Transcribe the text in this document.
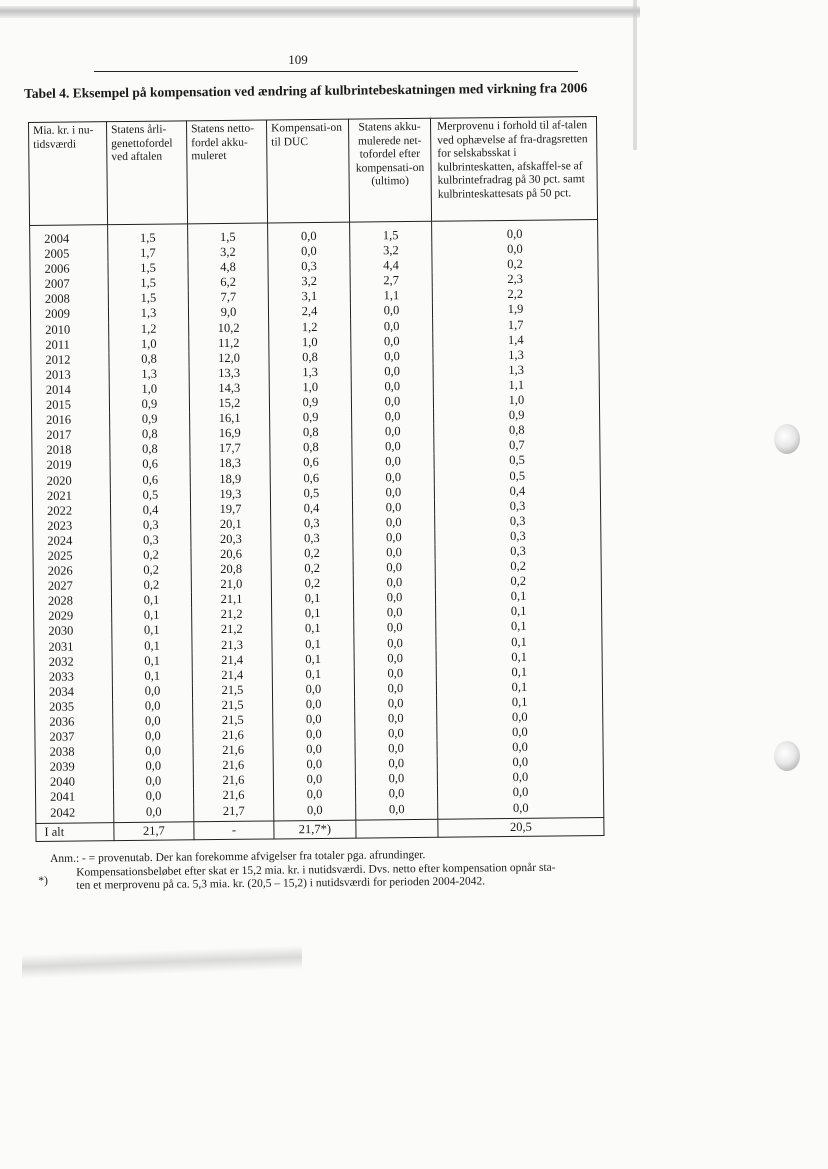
109
Tabel 4. Eksempel på kompensation ved ændring af kulbrintebeskatningen med virkning fra 2006
Mia. kr. i nu-tidsværdi	Statens årli-genettofordel ved aftalen	Statens netto-fordel akku-muleret	Kompensati-on til DUC	Statens akku-mulerede net-tofordel efter kompensati-on (ultimo)	Merprovenu i forhold til af-talen ved ophævelse af fra-dragsretten for selskabsskat i kulbrinteskatten, afskaffel-se af kulbrintefradrag på 30 pct. samt kulbrinteskattesats på 50 pct.
2004	1,5	1,5	0,0	1,5	0,0
2005	1,7	3,2	0,0	3,2	0,0
2006	1,5	4,8	0,3	4,4	0,2
2007	1,5	6,2	3,2	2,7	2,3
2008	1,5	7,7	3,1	1,1	2,2
2009	1,3	9,0	2,4	0,0	1,9
2010	1,2	10,2	1,2	0,0	1,7
2011	1,0	11,2	1,0	0,0	1,4
2012	0,8	12,0	0,8	0,0	1,3
2013	1,3	13,3	1,3	0,0	1,3
2014	1,0	14,3	1,0	0,0	1,1
2015	0,9	15,2	0,9	0,0	1,0
2016	0,9	16,1	0,9	0,0	0,9
2017	0,8	16,9	0,8	0,0	0,8
2018	0,8	17,7	0,8	0,0	0,7
2019	0,6	18,3	0,6	0,0	0,5
2020	0,6	18,9	0,6	0,0	0,5
2021	0,5	19,3	0,5	0,0	0,4
2022	0,4	19,7	0,4	0,0	0,3
2023	0,3	20,1	0,3	0,0	0,3
2024	0,3	20,3	0,3	0,0	0,3
2025	0,2	20,6	0,2	0,0	0,3
2026	0,2	20,8	0,2	0,0	0,2
2027	0,2	21,0	0,2	0,0	0,2
2028	0,1	21,1	0,1	0,0	0,1
2029	0,1	21,2	0,1	0,0	0,1
2030	0,1	21,2	0,1	0,0	0,1
2031	0,1	21,3	0,1	0,0	0,1
2032	0,1	21,4	0,1	0,0	0,1
2033	0,1	21,4	0,1	0,0	0,1
2034	0,0	21,5	0,0	0,0	0,1
2035	0,0	21,5	0,0	0,0	0,1
2036	0,0	21,5	0,0	0,0	0,0
2037	0,0	21,6	0,0	0,0	0,0
2038	0,0	21,6	0,0	0,0	0,0
2039	0,0	21,6	0,0	0,0	0,0
2040	0,0	21,6	0,0	0,0	0,0
2041	0,0	21,6	0,0	0,0	0,0
2042	0,0	21,7	0,0	0,0	0,0
I alt	21,7	-	21,7*)		20,5
Anm.: - = provenutab. Der kan forekomme afvigelser fra totaler pga. afrundinger.
*)
Kompensationsbeløbet efter skat er 15,2 mia. kr. i nutidsværdi. Dvs. netto efter kompensation opnår sta-
ten et merprovenu på ca. 5,3 mia. kr. (20,5 – 15,2) i nutidsværdi for perioden 2004-2042.
